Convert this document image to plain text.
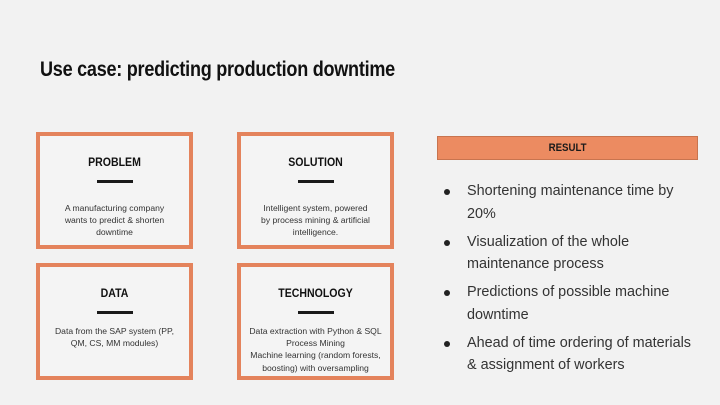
Use case: predicting production downtime
PROBLEM
A manufacturing company
wants to predict & shorten
downtime
SOLUTION
Intelligent system, powered
by process mining & artificial
intelligence.
DATA
Data from the SAP system (PP,
QM, CS, MM modules)
TECHNOLOGY
Data extraction with Python & SQL
Process Mining
Machine learning (random forests,
boosting) with oversampling
RESULT
Shortening maintenance time by
20%
Visualization of the whole
maintenance process
Predictions of possible machine
downtime
Ahead of time ordering of materials
& assignment of workers
